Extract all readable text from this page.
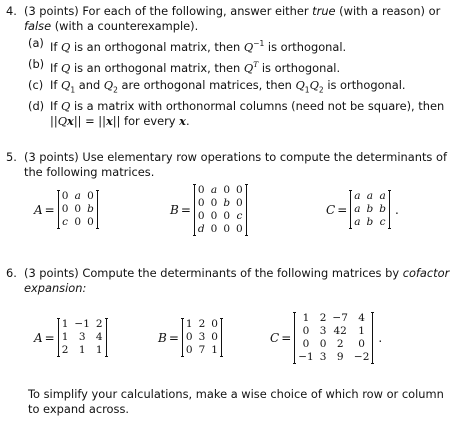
4. (3 points) For each of the following, answer either true (with a reason) or
false (with a counterexample).
(a) If Q is an orthogonal matrix, then $Q^{-1}$ is orthogonal.
(b) If Q is an orthogonal matrix, then $Q^T$ is orthogonal.
(c) If $Q_1$ and $Q_2$ are orthogonal matrices, then $Q_1Q_2$ is orthogonal.
(d) If Q is a matrix with orthonormal columns (need not be square), then
||Qx|| = ||x|| for every x.
5. (3 points) Use elementary row operations to compute the determinants of
the following matrices.
A =
0	a	0
0	0	b
c	0	0
B =
0	a	0	0
0	0	b	0
0	0	0	c
d	0	0	0
C =
a	a	a
a	b	b
a	b	c
.
6. (3 points) Compute the determinants of the following matrices by cofactor
expansion:
A =
1	−1	2
1	3	4
2	1	1
B =
1	2	0
0	3	0
0	7	1
C =
1	2	−7	4
0	3	42	1
0	0	2	0
−1	3	9	−2
.
To simplify your calculations, make a wise choice of which row or column
to expand across.
